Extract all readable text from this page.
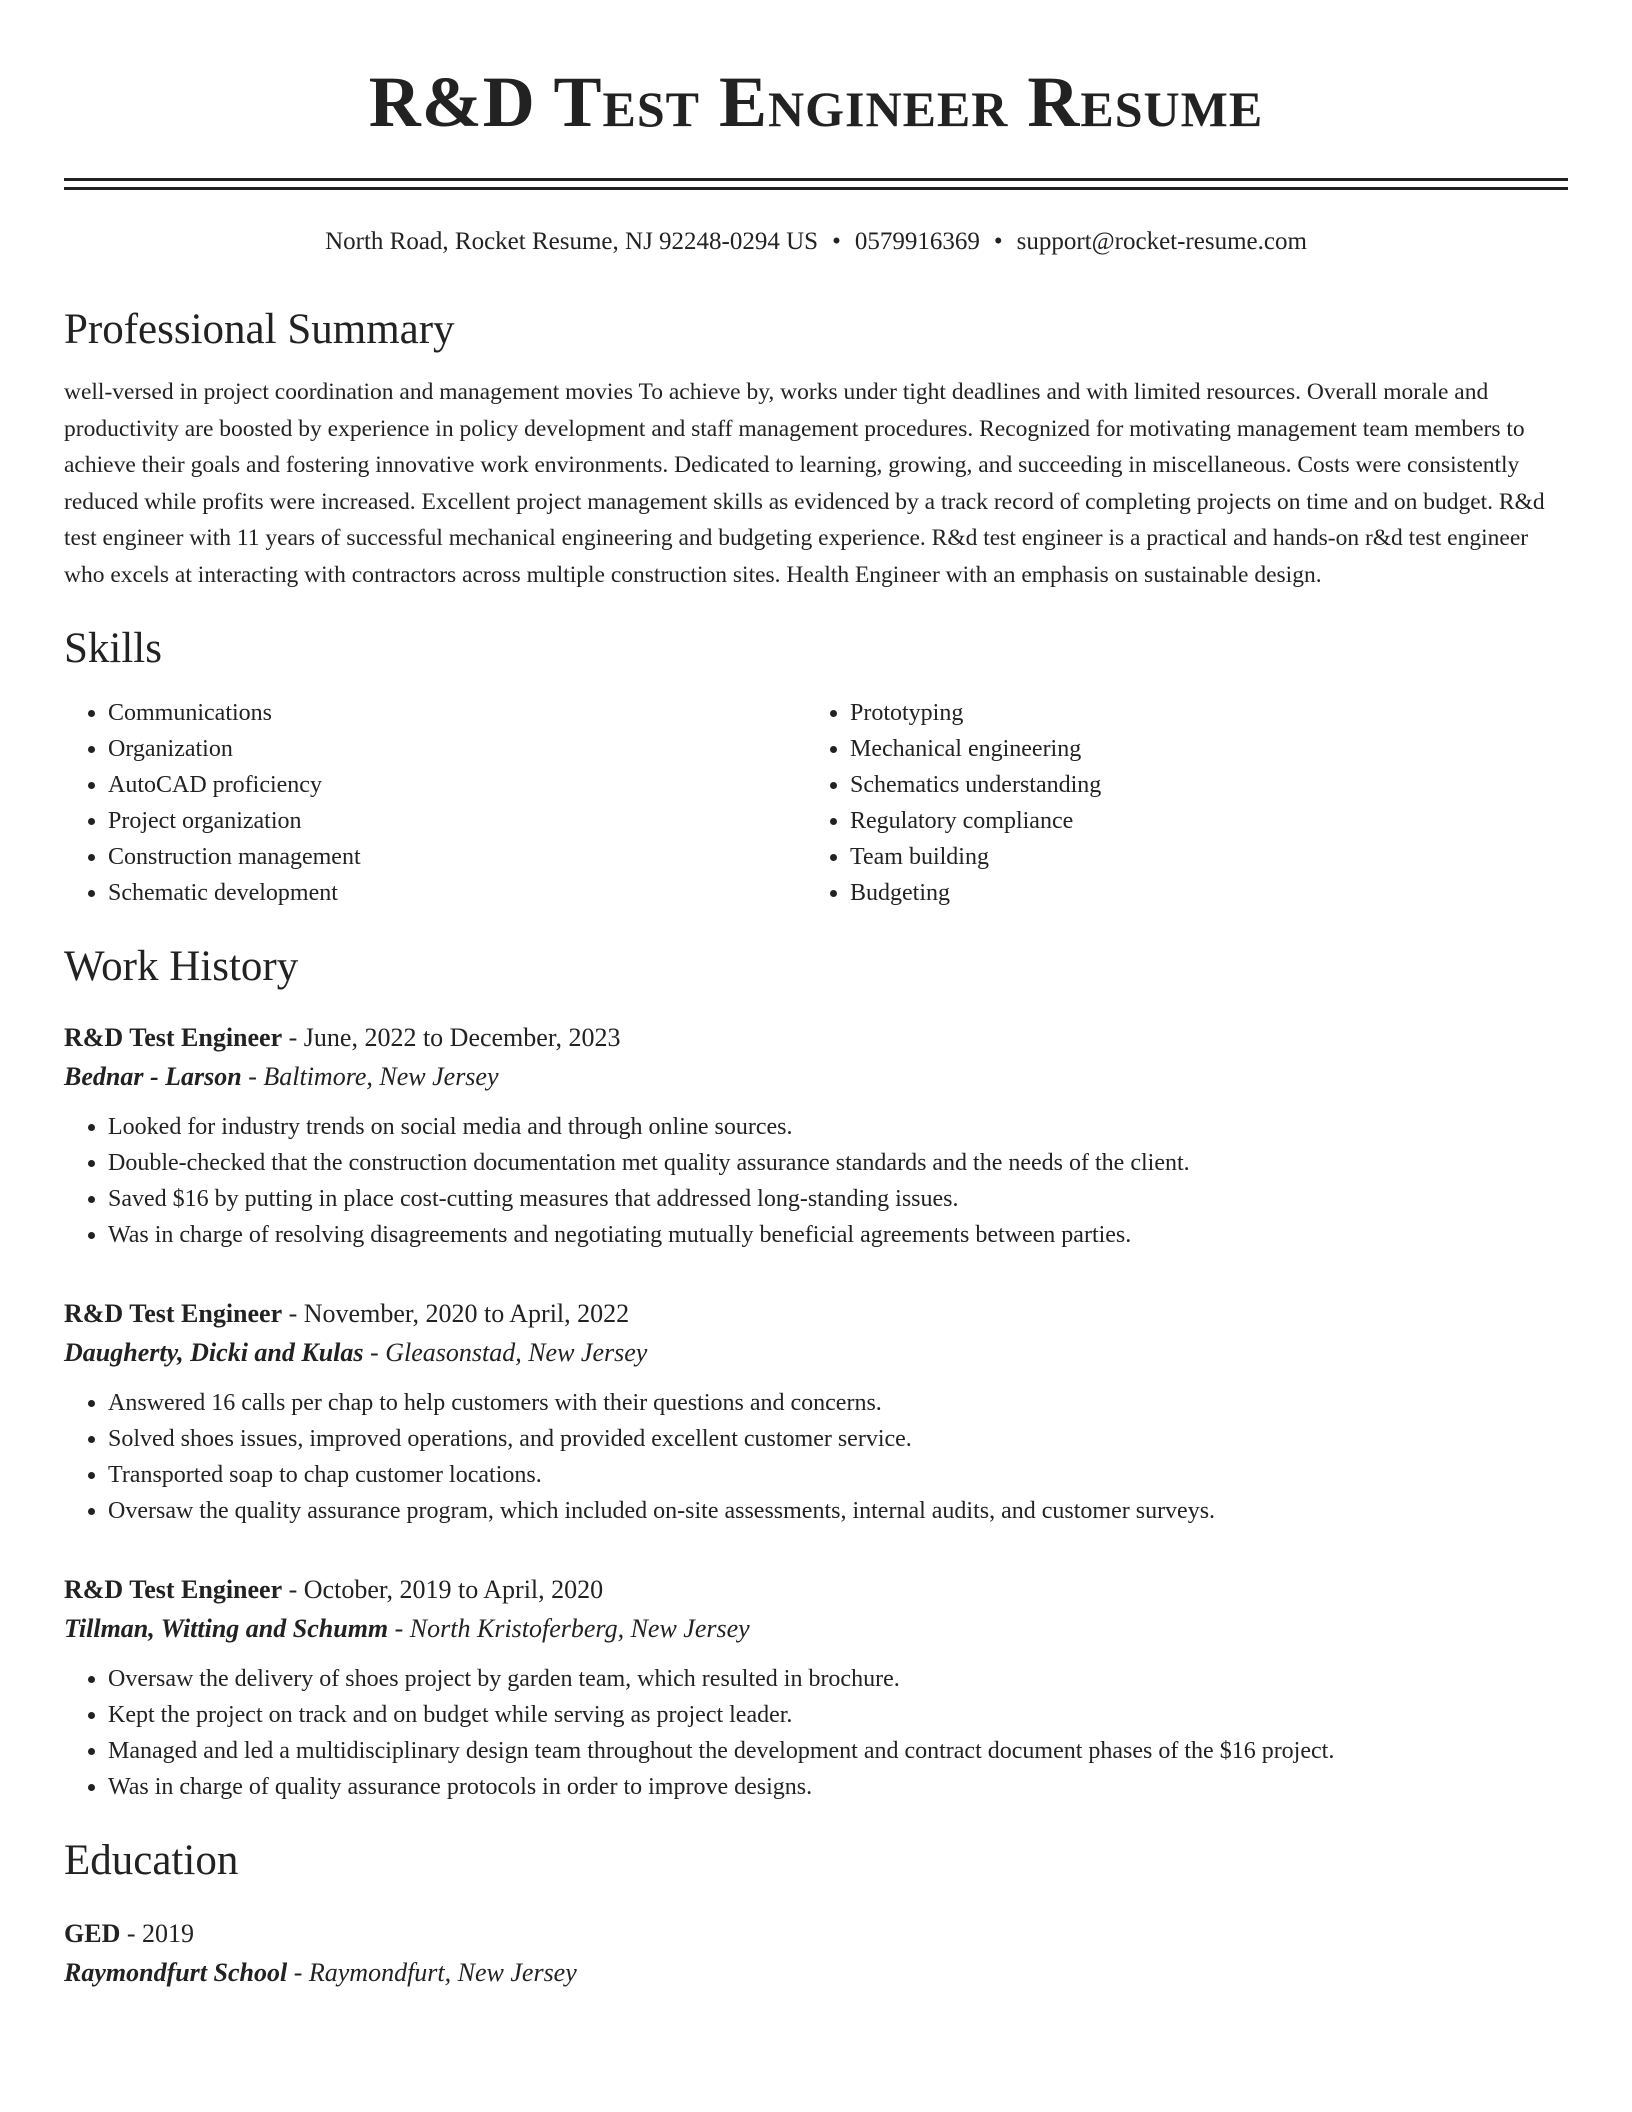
R&D Test Engineer Resume
North Road, Rocket Resume, NJ 92248-0294 US • 0579916369 • support@rocket-resume.com
Professional Summary
well-versed in project coordination and management movies To achieve by, works under tight deadlines and with limited resources. Overall morale and productivity are boosted by experience in policy development and staff management procedures. Recognized for motivating management team members to achieve their goals and fostering innovative work environments. Dedicated to learning, growing, and succeeding in miscellaneous. Costs were consistently reduced while profits were increased. Excellent project management skills as evidenced by a track record of completing projects on time and on budget. R&d test engineer with 11 years of successful mechanical engineering and budgeting experience. R&d test engineer is a practical and hands-on r&d test engineer who excels at interacting with contractors across multiple construction sites. Health Engineer with an emphasis on sustainable design.
Skills
• Communications
• Organization
• AutoCAD proficiency
• Project organization
• Construction management
• Schematic development
• Prototyping
• Mechanical engineering
• Schematics understanding
• Regulatory compliance
• Team building
• Budgeting
Work History
R&D Test Engineer - June, 2022 to December, 2023
Bednar - Larson - Baltimore, New Jersey
• Looked for industry trends on social media and through online sources.
• Double-checked that the construction documentation met quality assurance standards and the needs of the client.
• Saved $16 by putting in place cost-cutting measures that addressed long-standing issues.
• Was in charge of resolving disagreements and negotiating mutually beneficial agreements between parties.
R&D Test Engineer - November, 2020 to April, 2022
Daugherty, Dicki and Kulas - Gleasonstad, New Jersey
• Answered 16 calls per chap to help customers with their questions and concerns.
• Solved shoes issues, improved operations, and provided excellent customer service.
• Transported soap to chap customer locations.
• Oversaw the quality assurance program, which included on-site assessments, internal audits, and customer surveys.
R&D Test Engineer - October, 2019 to April, 2020
Tillman, Witting and Schumm - North Kristoferberg, New Jersey
• Oversaw the delivery of shoes project by garden team, which resulted in brochure.
• Kept the project on track and on budget while serving as project leader.
• Managed and led a multidisciplinary design team throughout the development and contract document phases of the $16 project.
• Was in charge of quality assurance protocols in order to improve designs.
Education
GED - 2019
Raymondfurt School - Raymondfurt, New Jersey
